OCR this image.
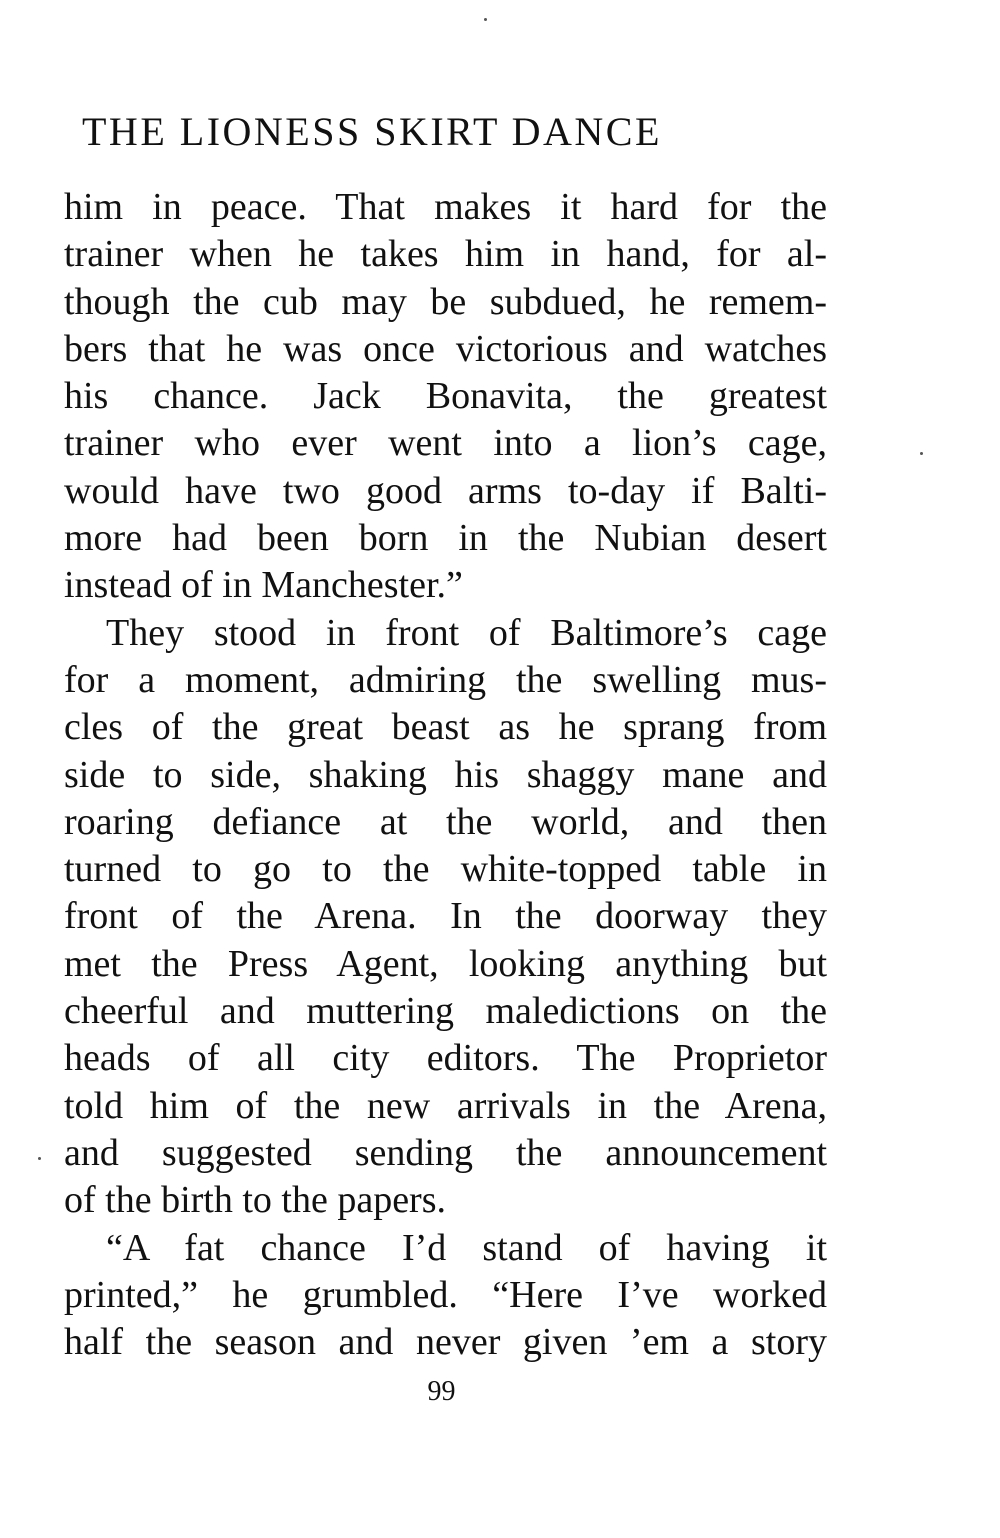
THE LIONESS SKIRT DANCE
him in peace. That makes it hard for the
trainer when he takes him in hand, for al-
though the cub may be subdued, he remem-
bers that he was once victorious and watches
his chance. Jack Bonavita, the greatest
trainer who ever went into a lion’s cage,
would have two good arms to-day if Balti-
more had been born in the Nubian desert
instead of in Manchester.”
They stood in front of Baltimore’s cage
for a moment, admiring the swelling mus-
cles of the great beast as he sprang from
side to side, shaking his shaggy mane and
roaring defiance at the world, and then
turned to go to the white-topped table in
front of the Arena. In the doorway they
met the Press Agent, looking anything but
cheerful and muttering maledictions on the
heads of all city editors. The Proprietor
told him of the new arrivals in the Arena,
and suggested sending the announcement
of the birth to the papers.
“A fat chance I’d stand of having it
printed,” he grumbled. “Here I’ve worked
half the season and never given ’em a story
99
